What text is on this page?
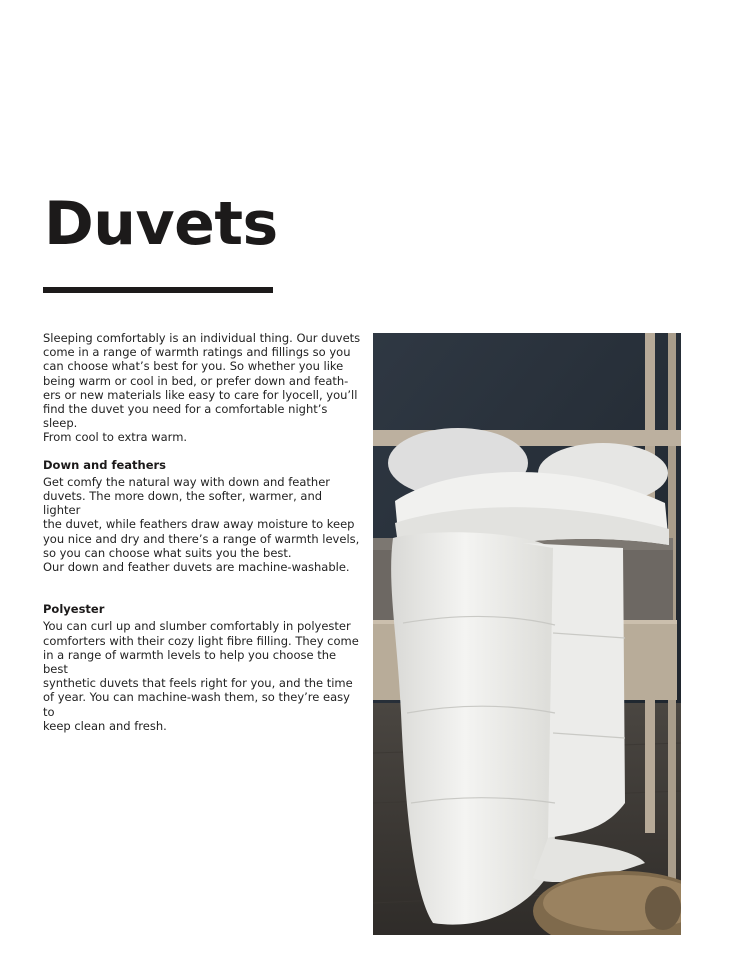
Duvets

Sleeping comfortably is an individual thing. Our duvets
come in a range of warmth ratings and fillings so you
can choose what’s best for you. So whether you like
being warm or cool in bed, or prefer down and feath-
ers or new materials like easy to care for lyocell, you’ll
find the duvet you need for a comfortable night’s sleep.
From cool to extra warm.

Down and feathers

Get comfy the natural way with down and feather
duvets. The more down, the softer, warmer, and lighter
the duvet, while feathers draw away moisture to keep
you nice and dry and there’s a range of warmth levels,
so you can choose what suits you the best.
Our down and feather duvets are machine-washable.

Polyester

You can curl up and slumber comfortably in polyester
comforters with their cozy light fibre filling. They come
in a range of warmth levels to help you choose the best
synthetic duvets that feels right for you, and the time
of year. You can machine-wash them, so they’re easy to
keep clean and fresh.
